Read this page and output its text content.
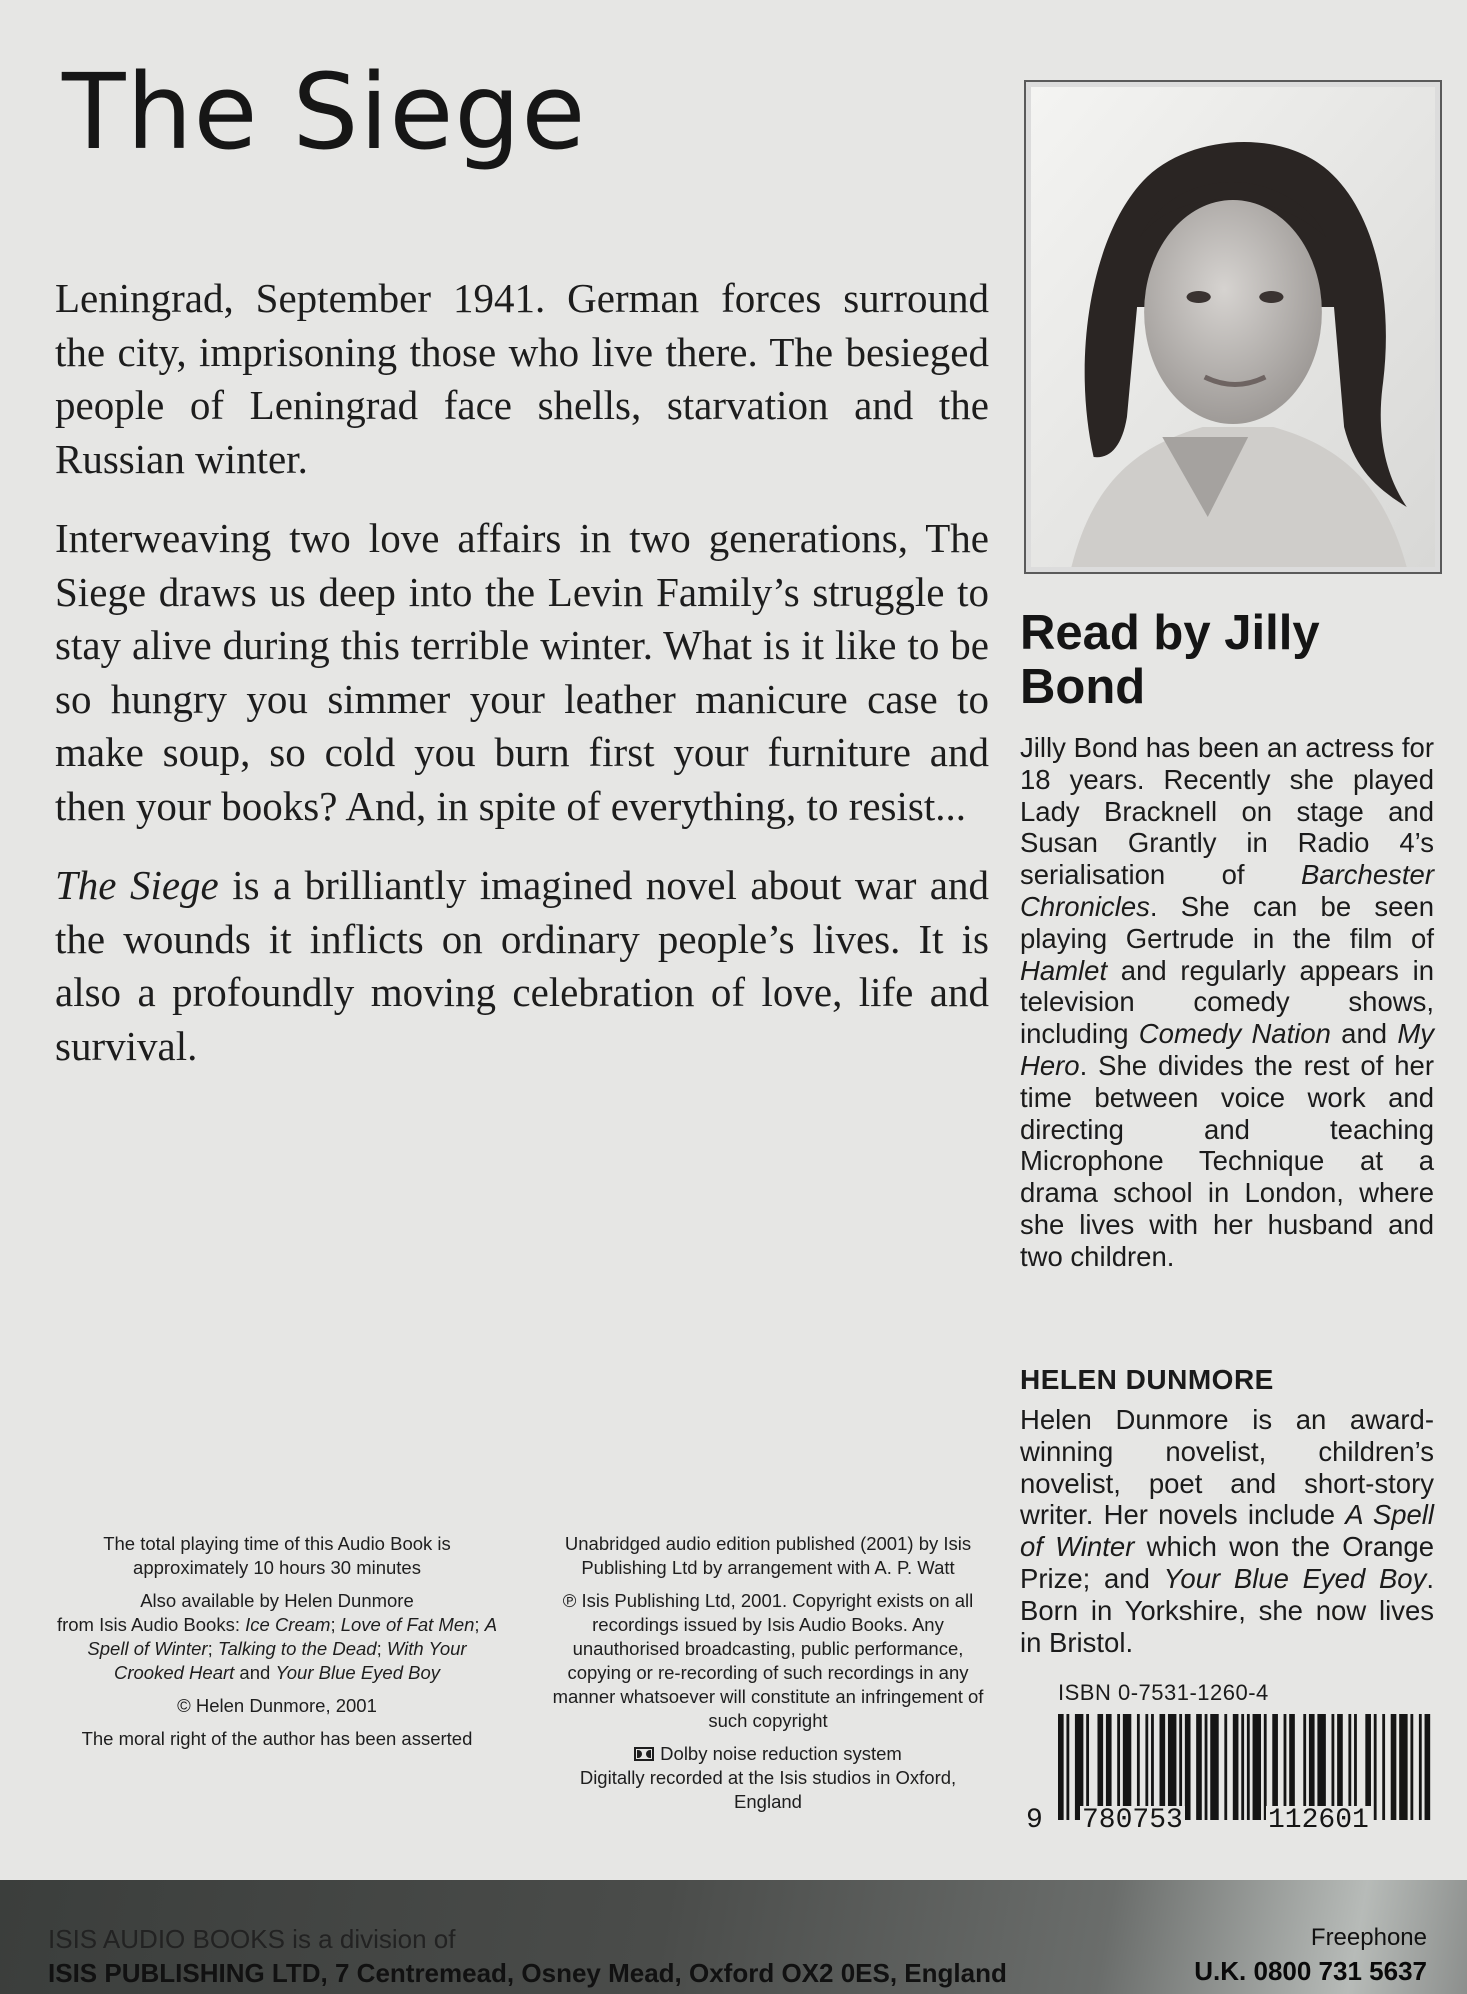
The Siege

Leningrad, September 1941. German forces surround the city, imprisoning those who live there. The besieged people of Leningrad face shells, starvation and the Russian winter.

Interweaving two love affairs in two generations, The Siege draws us deep into the Levin Family’s struggle to stay alive during this terrible winter. What is it like to be so hungry you simmer your leather manicure case to make soup, so cold you burn first your furniture and then your books? And, in spite of everything, to resist...

The Siege is a brilliantly imagined novel about war and the wounds it inflicts on ordinary people’s lives. It is also a profoundly moving celebration of love, life and survival.

Read by Jilly Bond

Jilly Bond has been an actress for 18 years. Recently she played Lady Bracknell on stage and Susan Grantly in Radio 4’s serialisation of Barchester Chronicles. She can be seen playing Gertrude in the film of Hamlet and regularly appears in television comedy shows, including Comedy Nation and My Hero. She divides the rest of her time between voice work and directing and teaching Microphone Technique at a drama school in London, where she lives with her husband and two children.

HELEN DUNMORE

Helen Dunmore is an award-winning novelist, children’s novelist, poet and short-story writer. Her novels include A Spell of Winter which won the Orange Prize; and Your Blue Eyed Boy. Born in Yorkshire, she now lives in Bristol.

ISBN 0-7531-1260-4
9 780753	112601

The total playing time of this Audio Book is approximately 10 hours 30 minutes

Also available by Helen Dunmore
from Isis Audio Books: Ice Cream; Love of Fat Men; A Spell of Winter; Talking to the Dead; With Your Crooked Heart and Your Blue Eyed Boy

© Helen Dunmore, 2001

The moral right of the author has been asserted

Unabridged audio edition published (2001) by Isis Publishing Ltd by arrangement with A. P. Watt

℗ Isis Publishing Ltd, 2001. Copyright exists on all recordings issued by Isis Audio Books. Any unauthorised broadcasting, public performance, copying or re-recording of such recordings in any manner whatsoever will constitute an infringement of such copyright

Dolby noise reduction system

Digitally recorded at the Isis studios in Oxford, England

ISIS AUDIO BOOKS is a division of
ISIS PUBLISHING LTD, 7 Centremead, Osney Mead, Oxford OX2 0ES, England
Freephone
U.K. 0800 731 5637
